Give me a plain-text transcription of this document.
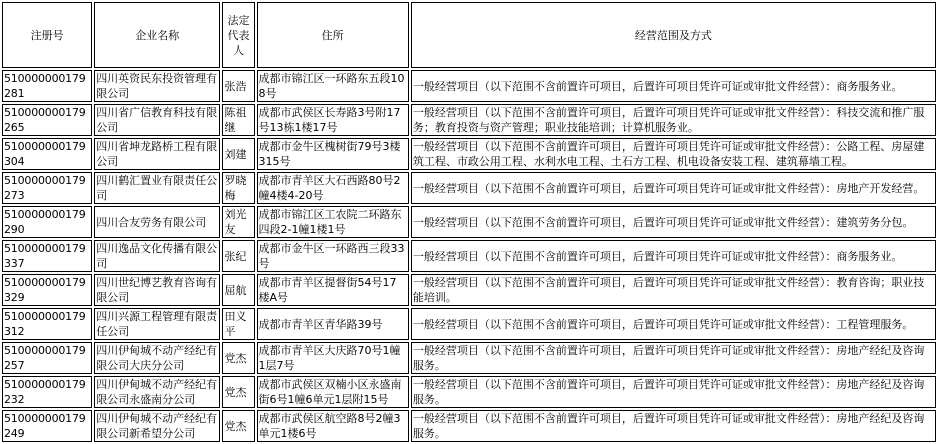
注册号	企业名称	法定代表人	住所	经营范围及方式
510000000179281	四川英资民东投资管理有限公司	张浩	成都市锦江区一环路东五段108号	一般经营项目（以下范围不含前置许可项目，后置许可项目凭许可证或审批文件经营）：商务服务业。
510000000179265	四川省广信教育科技有限公司	陈祖继	成都市武侯区长寿路3号附17号13栋1楼17号	一般经营项目（以下范围不含前置许可项目，后置许可项目凭许可证或审批文件经营）：科技交流和推广服务；教育投资与资产管理；职业技能培训；计算机服务业。
510000000179304	四川省坤龙路桥工程有限公司	刘建	成都市金牛区槐树街79号3楼315号	一般经营项目（以下范围不含前置许可项目，后置许可项目凭许可证或审批文件经营）：公路工程、房屋建筑工程、市政公用工程、水利水电工程、土石方工程、机电设备安装工程、建筑幕墙工程。
510000000179273	四川鹤汇置业有限责任公司	罗晓梅	成都市青羊区大石西路80号2幢4楼4-20号	一般经营项目（以下范围不含前置许可项目，后置许可项目凭许可证或审批文件经营）：房地产开发经营。
510000000179290	四川合友劳务有限公司	刘光友	成都市锦江区工农院二环路东四段2-1幢1楼1号	一般经营项目（以下范围不含前置许可项目，后置许可项目凭许可证或审批文件经营）：建筑劳务分包。
510000000179337	四川逸品文化传播有限公司	张纪	成都市金牛区一环路西三段33号	一般经营项目（以下范围不含前置许可项目，后置许可项目凭许可证或审批文件经营）：商务服务业。
510000000179329	四川世纪博艺教育咨询有限公司	屈航	成都市青羊区提督街54号17楼A号	一般经营项目（以下范围不含前置许可项目，后置许可项目凭许可证或审批文件经营）：教育咨询；职业技能培训。
510000000179312	四川兴源工程管理有限责任公司	田义平	成都市青羊区青华路39号	一般经营项目（以下范围不含前置许可项目，后置许可项目凭许可证或审批文件经营）：工程管理服务。
510000000179257	四川伊甸城不动产经纪有限公司大庆分公司	党杰	成都市青羊区大庆路70号1幢1层7号	一般经营项目（以下范围不含前置许可项目，后置许可项目凭许可证或审批文件经营）：房地产经纪及咨询服务。
510000000179232	四川伊甸城不动产经纪有限公司永盛南分公司	党杰	成都市武侯区双楠小区永盛南街6号1幢6单元1层附15号	一般经营项目（以下范围不含前置许可项目，后置许可项目凭许可证或审批文件经营）：房地产经纪及咨询服务。
510000000179249	四川伊甸城不动产经纪有限公司新希望分公司	党杰	成都市武侯区航空路8号2幢3单元1楼6号	一般经营项目（以下范围不含前置许可项目，后置许可项目凭许可证或审批文件经营）：房地产经纪及咨询服务。
